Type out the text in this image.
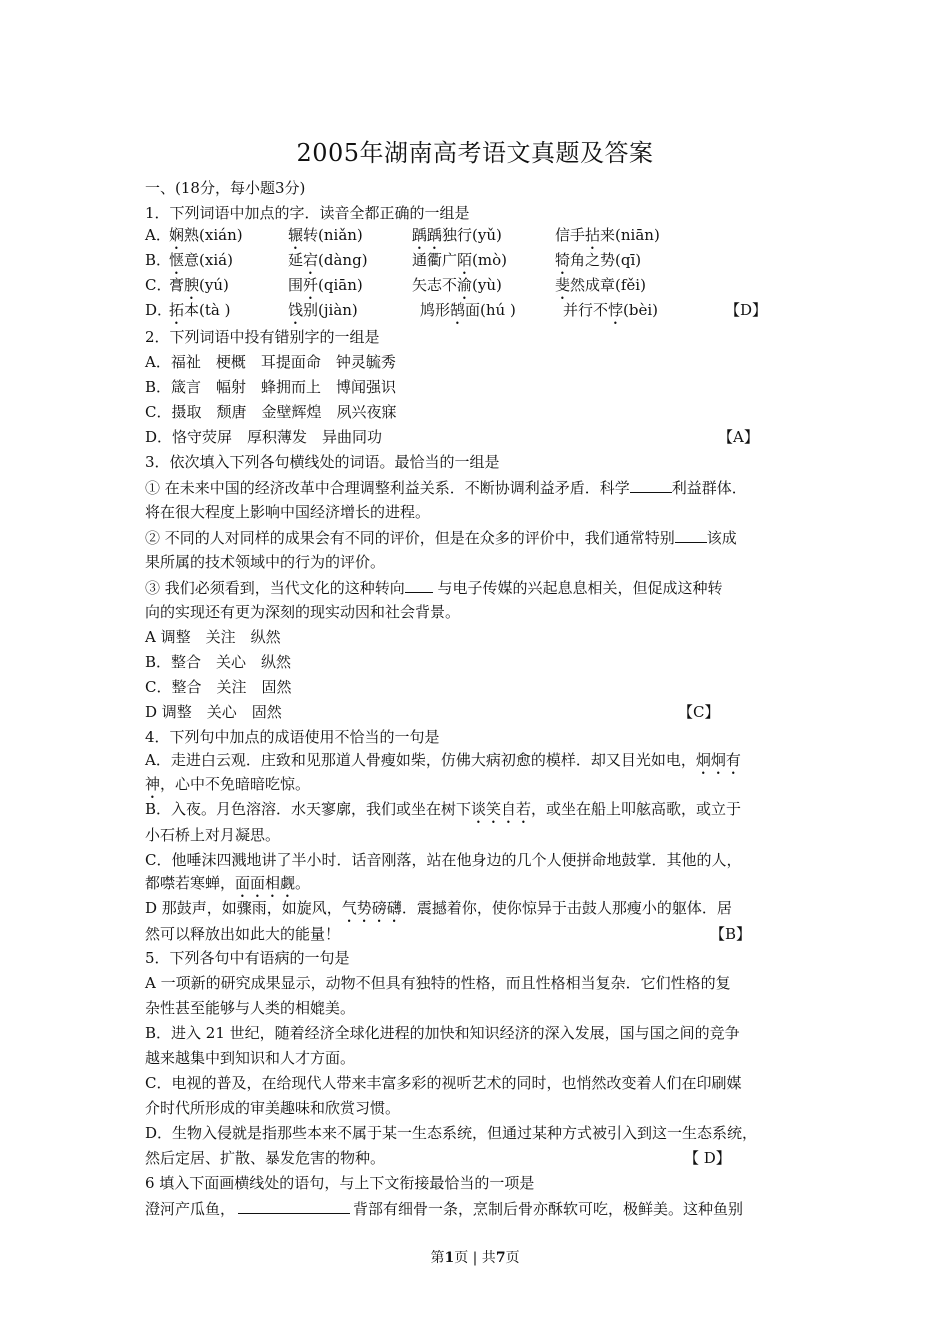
2005年湖南高考语文真题及答案
一、(18分，每小题3分)
1．下列词语中加点的字．读音全都正确的一组是
A．
娴熟(xián)	辗转(niǎn)	踽踽独行(yǔ)	信手拈来(niān)
B．
惬意(xiá)	延宕(dàng)	通衢广陌(mò)	犄角之势(qī)
C．
膏腴(yú)	围歼(qiān)	矢志不渝(yù)	斐然成章(fěi)
D．
拓本(tà )	饯别(jiàn)	鸠形鹄面(hú )	并行不悖(bèi)	【D】
2．下列词语中投有错别字的一组是
A．福祉　梗概　耳提面命　钟灵毓秀
B．箴言　幅射　蜂拥而上　博闻强识
C．摄取　颓唐　金壁辉煌　夙兴夜寐
D．恪守荧屏　厚积薄发　异曲同功	【A】
3．依次填入下列各句横线处的词语。最恰当的一组是
① 在未来中国的经济改革中合理调整利益关系．不断协调利益矛盾．科学	利益群体．
将在很大程度上影响中国经济增长的进程。
② 不同的人对同样的成果会有不同的评价，但是在众多的评价中，我们通常特别 该成
果所属的技术领域中的行为的评价。
③ 我们必须看到，当代文化的这种转向 与电子传媒的兴起息息相关，但促成这种转
向的实现还有更为深刻的现实动因和社会背景。
A 调整　关注　纵然
B．整合　关心　纵然
C．整合　关注　固然
D 调整　关心　固然	【C】
4．下列句中加点的成语使用不恰当的一句是
A．走进白云观．庄致和见那道人骨瘦如柴，仿佛大病初愈的模样．却又目光如电，炯炯有
神，心中不免暗暗吃惊。
B．入夜。月色溶溶．水天寥廓，我们或坐在树下谈笑自若，或坐在船上叩舷高歌，或立于
小石桥上对月凝思。
C．他唾沫四溅地讲了半小时．话音刚落，站在他身边的几个人便拼命地鼓掌．其他的人，
都噤若寒蝉，面面相觑。
D 那鼓声，如骤雨，如旋风，气势磅礴．震撼着你，使你惊异于击鼓人那瘦小的躯体．居
然可以释放出如此大的能量！	【B】
5．下列各句中有语病的一句是
A 一项新的研究成果显示，动物不但具有独特的性格，而且性格相当复杂．它们性格的复
杂性甚至能够与人类的相媲美。
B．进入 21 世纪，随着经济全球化进程的加快和知识经济的深入发展，国与国之间的竞争
越来越集中到知识和人才方面。
C．电视的普及，在给现代人带来丰富多彩的视听艺术的同时，也悄然改变着人们在印刷媒
介时代所形成的审美趣味和欣赏习惯。
D．生物入侵就是指那些本来不属于某一生态系统，但通过某种方式被引入到这一生态系统，
然后定居、扩散、暴发危害的物种。	【 D】
6 填入下面画横线处的语句，与上下文衔接最恰当的一项是
澄河产瓜鱼，	背部有细骨一条，烹制后骨亦酥软可吃，极鲜美。这种鱼别
第1页 | 共7页
